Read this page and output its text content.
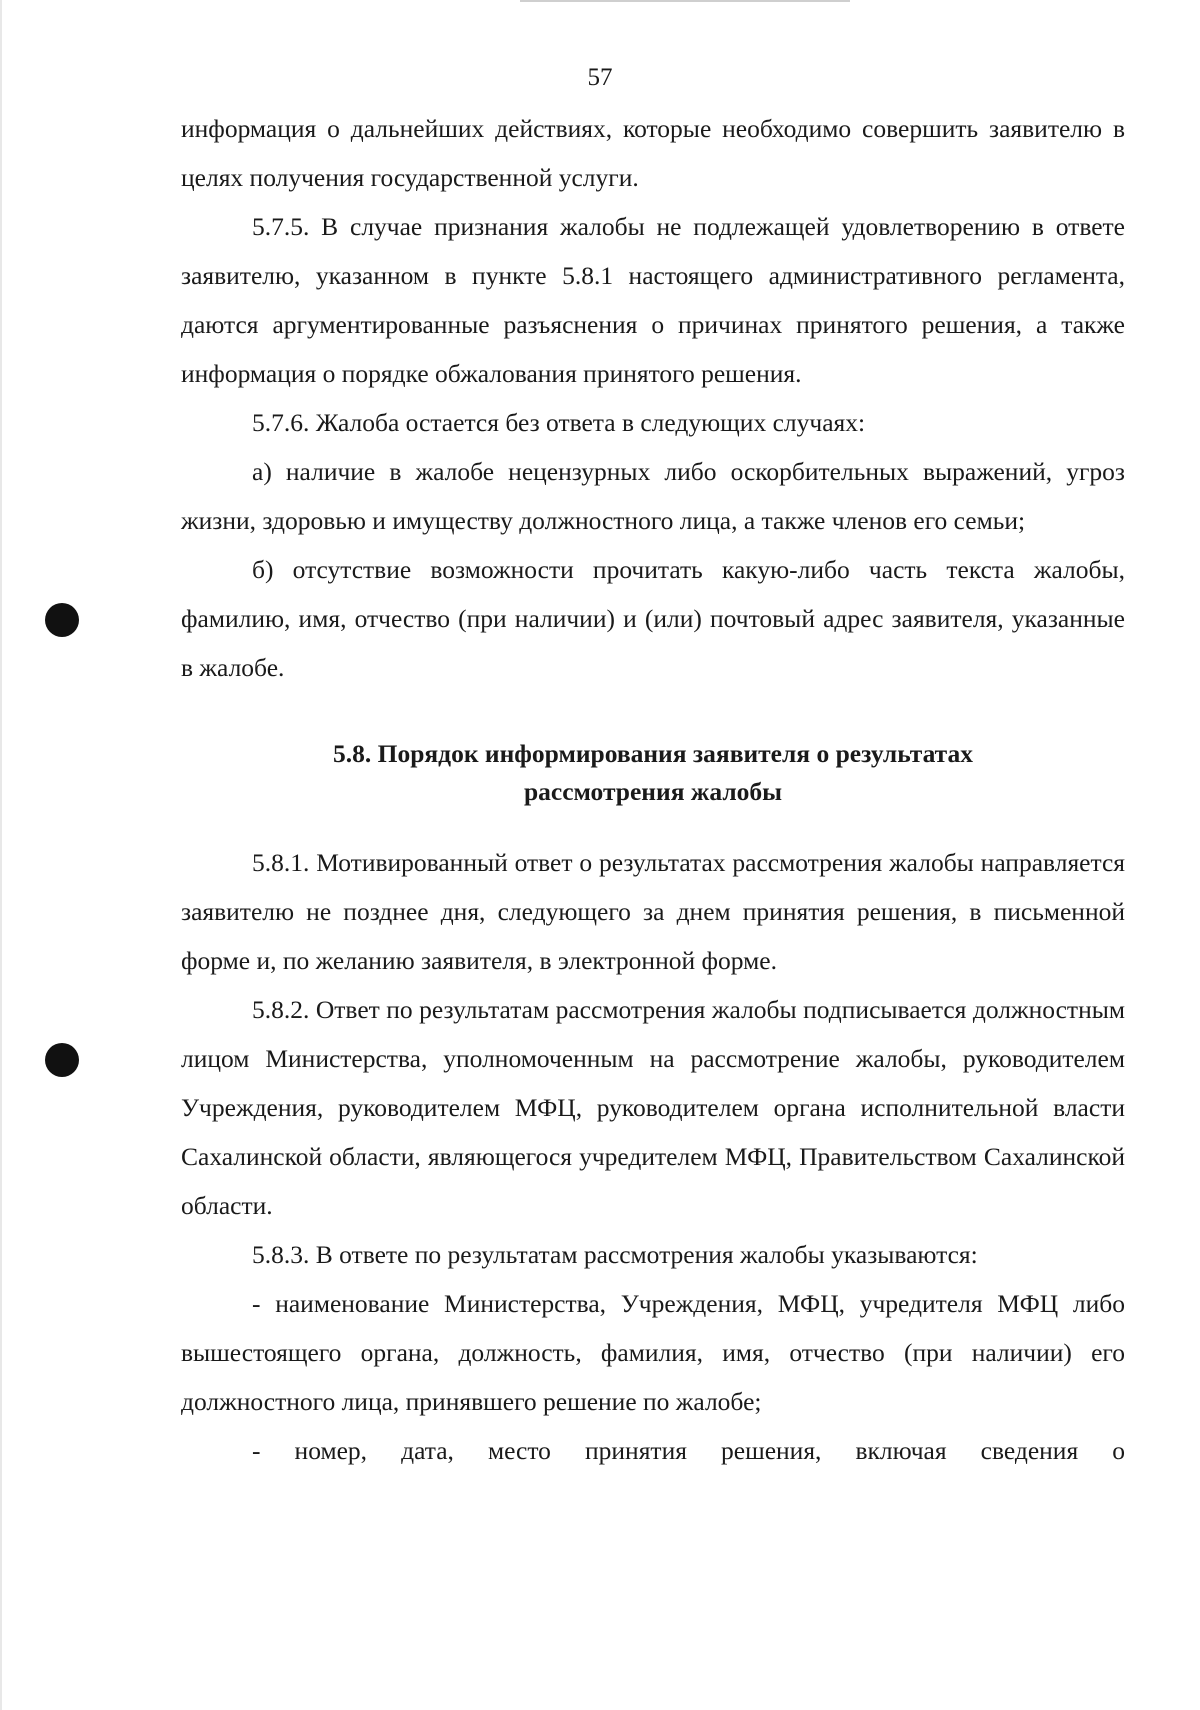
57

информация о дальнейших действиях, которые необходимо совершить заявителю в целях получения государственной услуги.

5.7.5. В случае признания жалобы не подлежащей удовлетворению в ответе заявителю, указанном в пункте 5.8.1 настоящего административного регламента, даются аргументированные разъяснения о причинах принятого решения, а также информация о порядке обжалования принятого решения.

5.7.6. Жалоба остается без ответа в следующих случаях:

а) наличие в жалобе нецензурных либо оскорбительных выражений, угроз жизни, здоровью и имуществу должностного лица, а также членов его семьи;

б) отсутствие возможности прочитать какую-либо часть текста жалобы, фамилию, имя, отчество (при наличии) и (или) почтовый адрес заявителя, указанные в жалобе.

5.8. Порядок информирования заявителя о результатах

рассмотрения жалобы

5.8.1. Мотивированный ответ о результатах рассмотрения жалобы направляется заявителю не позднее дня, следующего за днем принятия решения, в письменной форме и, по желанию заявителя, в электронной форме.

5.8.2. Ответ по результатам рассмотрения жалобы подписывается должностным лицом Министерства, уполномоченным на рассмотрение жалобы, руководителем Учреждения, руководителем МФЦ, руководителем органа исполнительной власти Сахалинской области, являющегося учредителем МФЦ, Правительством Сахалинской области.

5.8.3. В ответе по результатам рассмотрения жалобы указываются:

- наименование Министерства, Учреждения, МФЦ, учредителя МФЦ либо вышестоящего органа, должность, фамилия, имя, отчество (при наличии) его должностного лица, принявшего решение по жалобе;

- номер, дата, место принятия решения, включая сведения о
